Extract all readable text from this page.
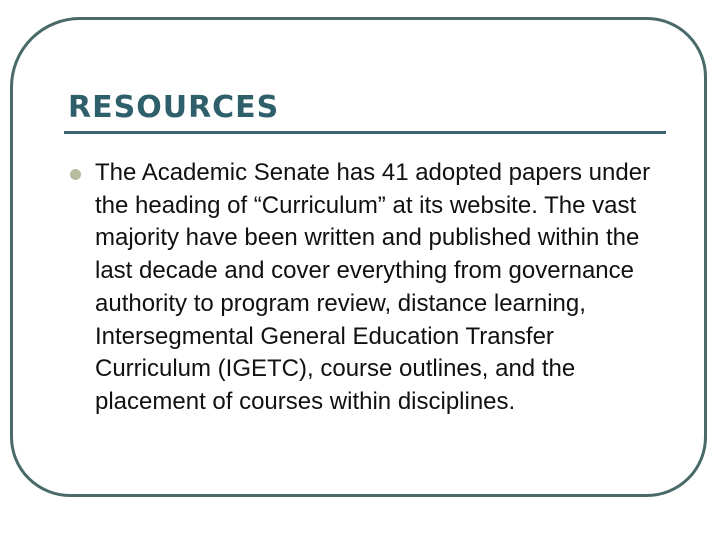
RESOURCES
The Academic Senate has 41 adopted papers under the heading of “Curriculum” at its website. The vast majority have been written and published within the last decade and cover everything from governance authority to program review, distance learning, Intersegmental General Education Transfer Curriculum (IGETC), course outlines, and the placement of courses within disciplines.
